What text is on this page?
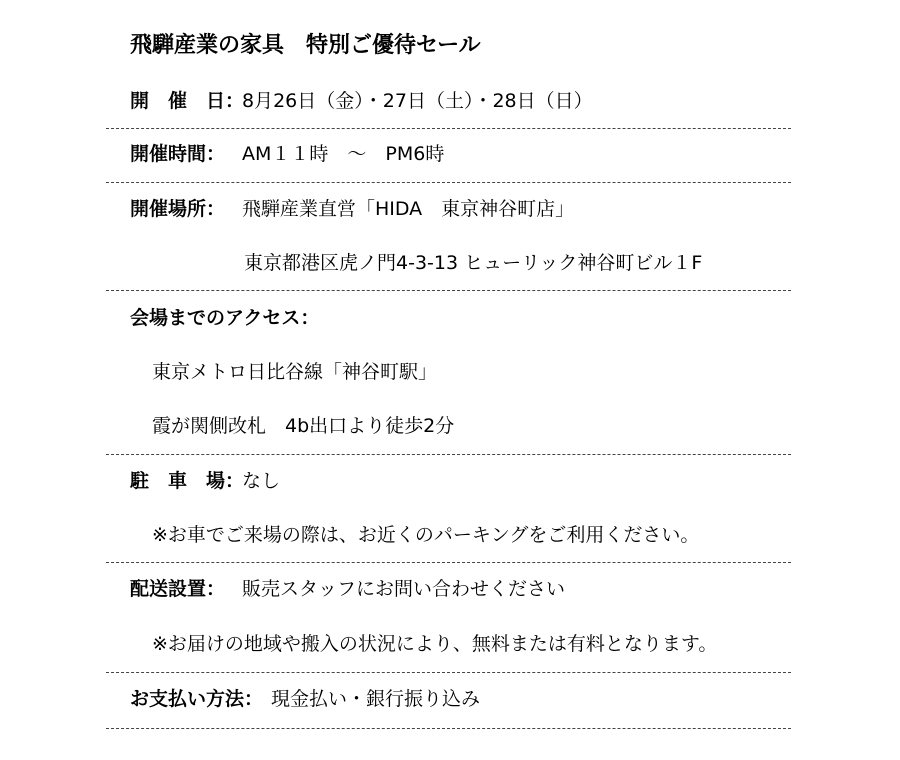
飛騨産業の家具　特別ご優待セール
開　催　日：8月26日（金）・27日（土）・28日（日）
開催時間： AM１１時　～　PM6時
開催場所： 飛騨産業直営「HIDA　東京神谷町店」
東京都港区虎ノ門4-3-13 ヒューリック神谷町ビル１F
会場までのアクセス：
東京メトロ日比谷線「神谷町駅」
霞が関側改札　4b出口より徒歩2分
駐　車　場：なし
※お車でご来場の際は、お近くのパーキングをご利用ください。
配送設置： 販売スタッフにお問い合わせください
※お届けの地域や搬入の状況により、無料または有料となります。
お支払い方法： 現金払い・銀行振り込み
